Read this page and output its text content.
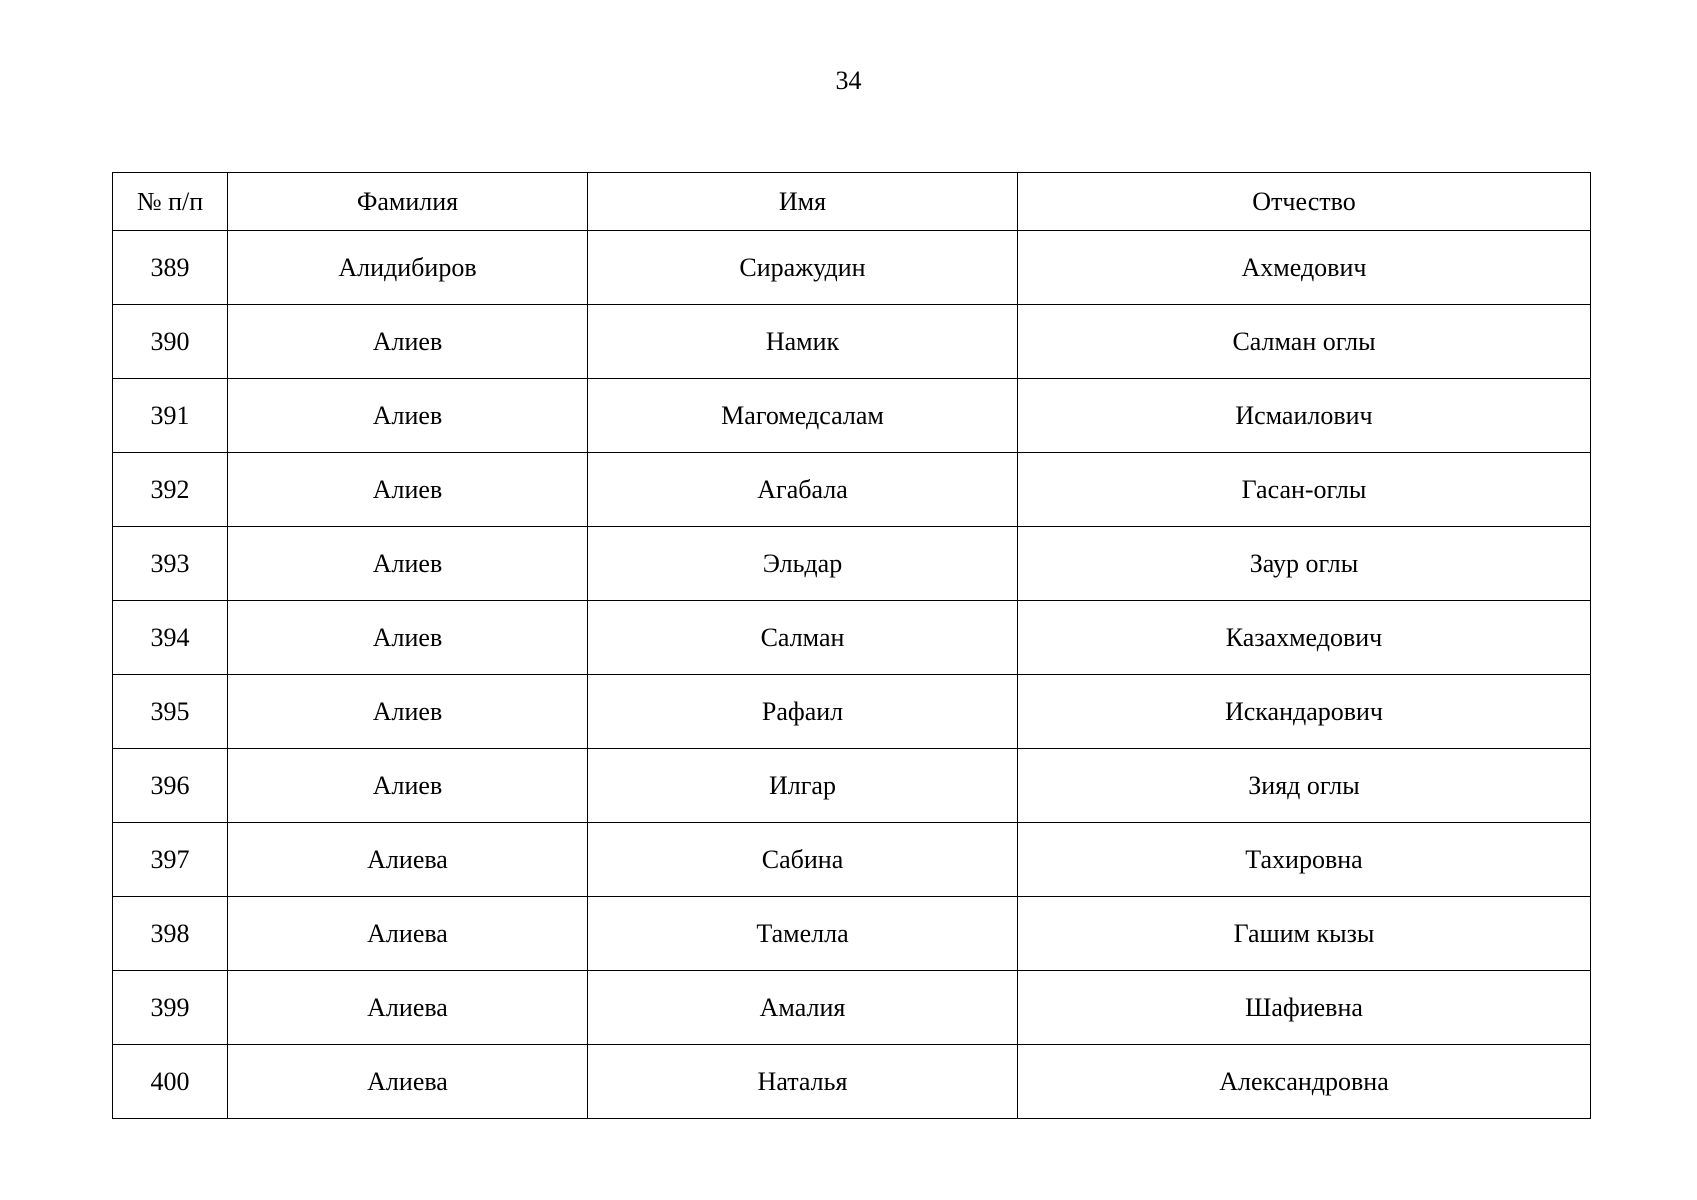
34
№ п/п	Фамилия	Имя	Отчество
389	Алидибиров	Сиражудин	Ахмедович
390	Алиев	Намик	Салман оглы
391	Алиев	Магомедсалам	Исмаилович
392	Алиев	Агабала	Гасан-оглы
393	Алиев	Эльдар	Заур оглы
394	Алиев	Салман	Казахмедович
395	Алиев	Рафаил	Искандарович
396	Алиев	Илгар	Зияд оглы
397	Алиева	Сабина	Тахировна
398	Алиева	Тамелла	Гашим кызы
399	Алиева	Амалия	Шафиевна
400	Алиева	Наталья	Александровна
